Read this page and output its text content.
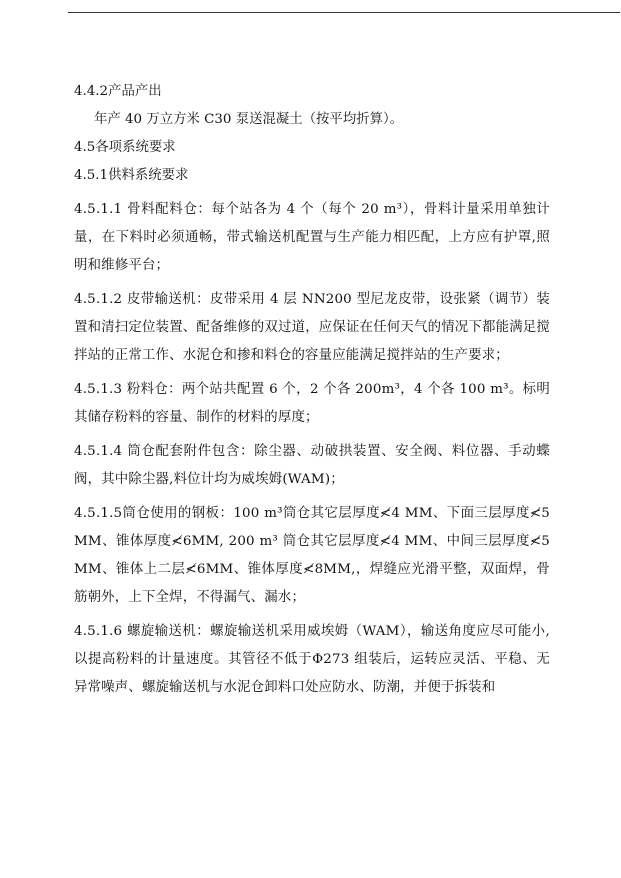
4.4.2产品产出
年产 40 万立方米 C30 泵送混凝土（按平均折算）。
4.5各项系统要求
4.5.1供料系统要求
4.5.1.1 骨料配料仓：每个站各为 4 个（每个 20 m³），骨料计量采用单独计量，在下料时必须通畅，带式输送机配置与生产能力相匹配，上方应有护罩,照明和维修平台；
4.5.1.2 皮带输送机：皮带采用 4 层 NN200 型尼龙皮带，设张紧（调节）装置和清扫定位装置、配备维修的双过道，应保证在任何天气的情况下都能满足搅拌站的正常工作、水泥仓和掺和料仓的容量应能满足搅拌站的生产要求；
4.5.1.3 粉料仓：两个站共配置 6 个，2 个各 200m³，4 个各 100 m³。标明其储存粉料的容量、制作的材料的厚度；
4.5.1.4 筒仓配套附件包含：除尘器、动破拱装置、安全阀、料位器、手动蝶阀，其中除尘器,料位计均为威埃姆(WAM)；
4.5.1.5筒仓使用的钢板：100 m³筒仓其它层厚度≮4 MM、下面三层厚度≮5 MM、锥体厚度≮6MM, 200 m³ 筒仓其它层厚度≮4 MM、中间三层厚度≮5 MM、锥体上二层≮6MM、锥体厚度≮8MM,，焊缝应光滑平整，双面焊，骨筋朝外，上下全焊，不得漏气、漏水；
4.5.1.6 螺旋输送机：螺旋输送机采用威埃姆（WAM），输送角度应尽可能小,以提高粉料的计量速度。其管径不低于Φ273 组装后，运转应灵活、平稳、无异常噪声、螺旋输送机与水泥仓卸料口处应防水、防潮，并便于拆装和
